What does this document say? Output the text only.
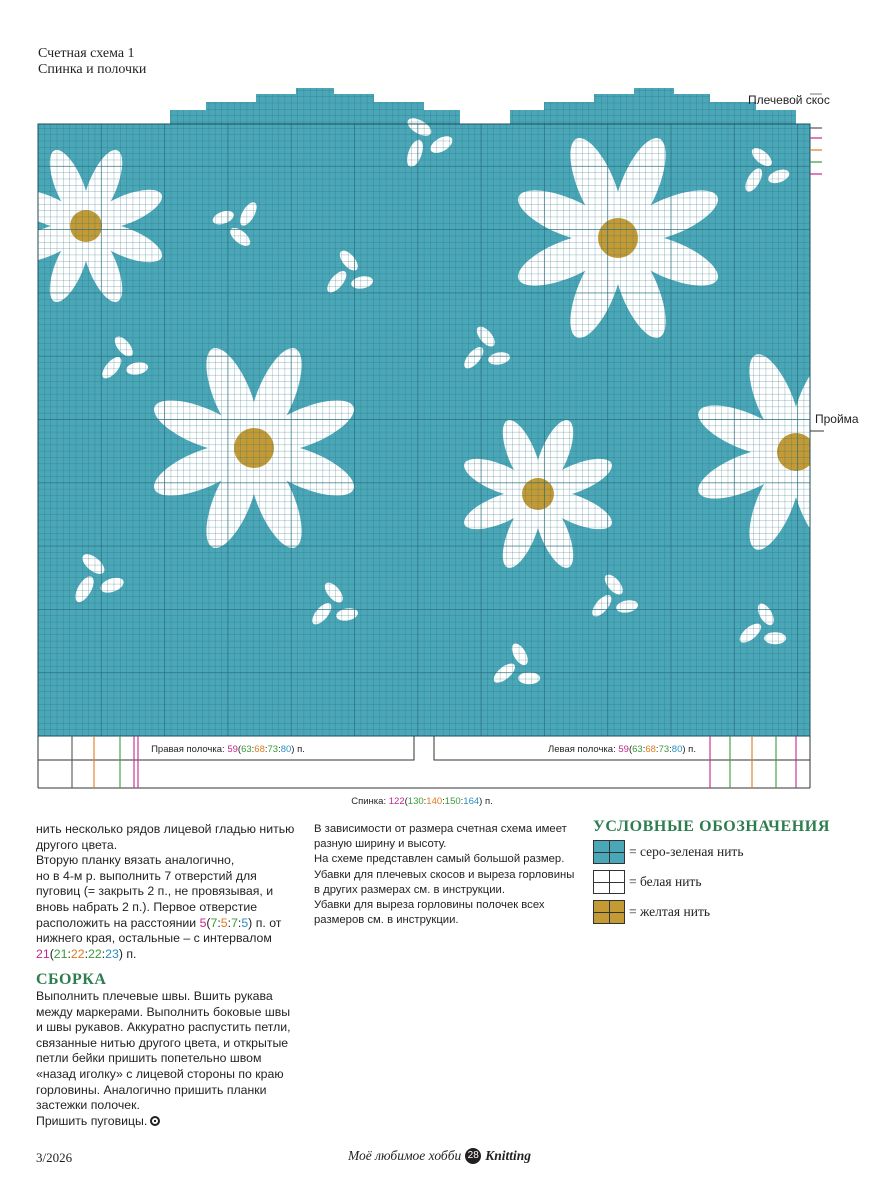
Счетная схема 1
Спинка и полочки
Правая полочка: 59(63:68:73:80) п.	Левая полочка: 59(63:68:73:80) п.
Спинка: 122(130:140:150:164) п.
Плечевой скос
Пройма

нить несколько рядов лицевой гладью нитью другого цвета.

Вторую планку вязать аналогично,

но в 4-м р. выполнить 7 отверстий для пуговиц (= закрыть 2 п., не провязывая, и вновь набрать 2 п.). Первое отверстие расположить на расстоянии 5(7:5:7:5) п. от нижнего края, остальные – с интервалом
21(21:22:22:23) п.

СБОРКА

Выполнить плечевые швы. Вшить рукава между маркерами. Выполнить боковые швы и швы рукавов. Аккуратно распустить петли, связанные нитью другого цвета, и открытые петли бейки пришить попетельно швом «назад иголку» с лицевой стороны по краю горловины. Аналогично пришить планки застежки полочек.

Пришить пуговицы.

В зависимости от размера счетная схема имеет разную ширину и высоту.

На схеме представлен самый большой размер.

Убавки для плечевых скосов и выреза горловины в других размерах см. в инструкции.

Убавки для выреза горловины полочек всех размеров см. в инструкции.

УСЛОВНЫЕ ОБОЗНАЧЕНИЯ
= серо-зеленая нить
= белая нить
= желтая нить
3/2026	Моё любимое хобби 28 Knitting
